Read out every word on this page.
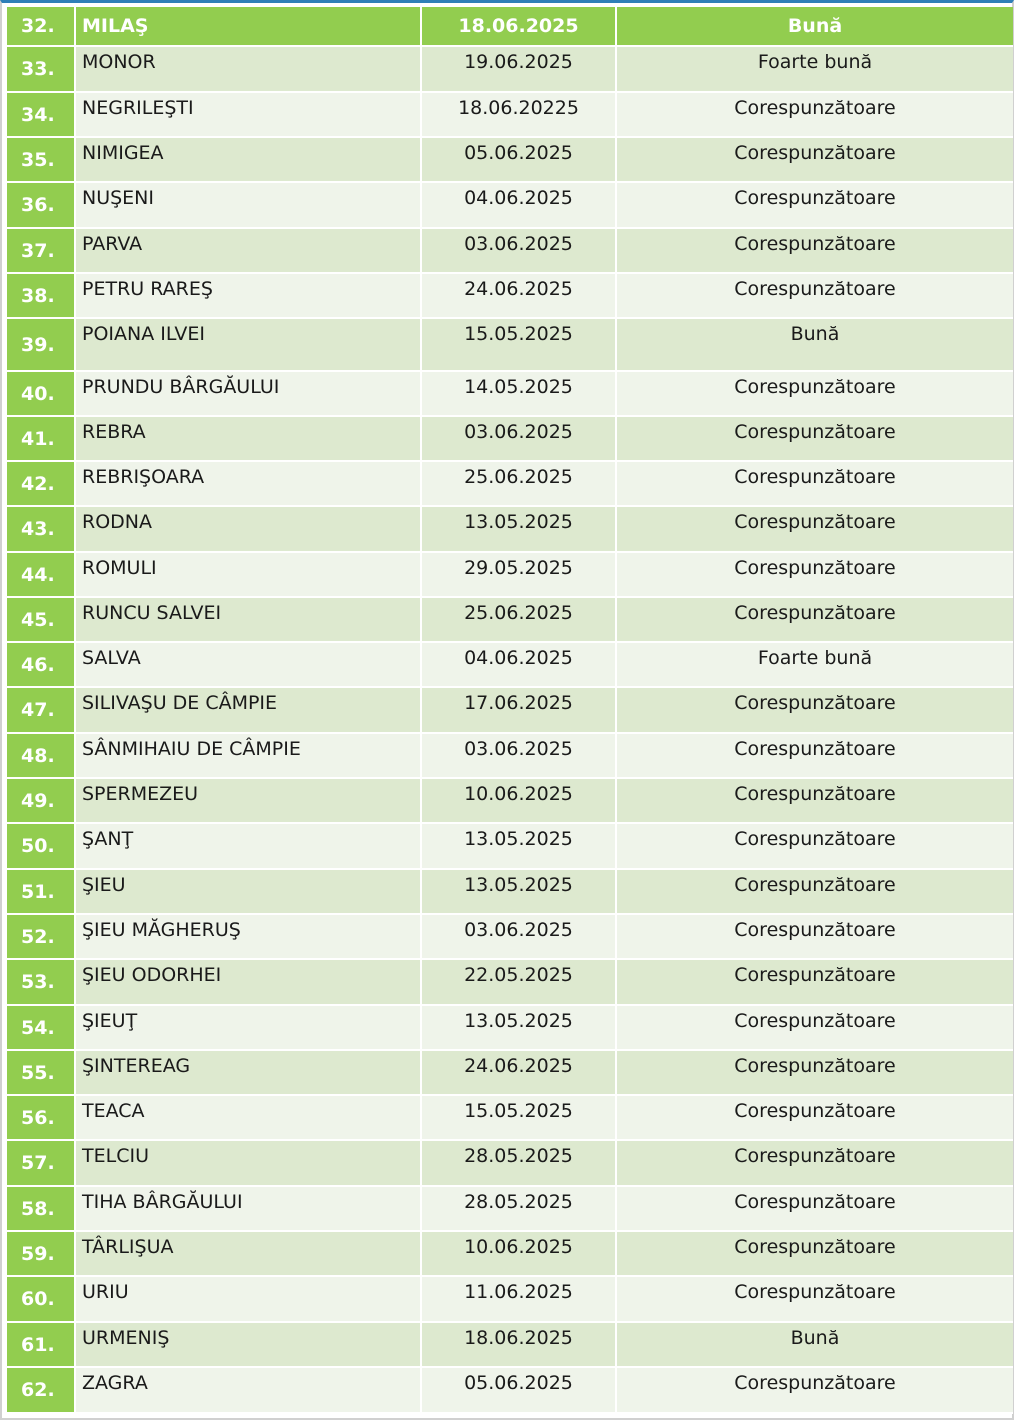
32.	MILAŞ	18.06.2025	Bună
33.	MONOR	19.06.2025	Foarte bună
34.	NEGRILEŞTI	18.06.20225	Corespunzătoare
35.	NIMIGEA	05.06.2025	Corespunzătoare
36.	NUŞENI	04.06.2025	Corespunzătoare
37.	PARVA	03.06.2025	Corespunzătoare
38.	PETRU RAREŞ	24.06.2025	Corespunzătoare
39.	POIANA ILVEI	15.05.2025	Bună
40.	PRUNDU BÂRGĂULUI	14.05.2025	Corespunzătoare
41.	REBRA	03.06.2025	Corespunzătoare
42.	REBRIŞOARA	25.06.2025	Corespunzătoare
43.	RODNA	13.05.2025	Corespunzătoare
44.	ROMULI	29.05.2025	Corespunzătoare
45.	RUNCU SALVEI	25.06.2025	Corespunzătoare
46.	SALVA	04.06.2025	Foarte bună
47.	SILIVAŞU DE CÂMPIE	17.06.2025	Corespunzătoare
48.	SÂNMIHAIU DE CÂMPIE	03.06.2025	Corespunzătoare
49.	SPERMEZEU	10.06.2025	Corespunzătoare
50.	ŞANŢ	13.05.2025	Corespunzătoare
51.	ŞIEU	13.05.2025	Corespunzătoare
52.	ŞIEU MĂGHERUŞ	03.06.2025	Corespunzătoare
53.	ŞIEU ODORHEI	22.05.2025	Corespunzătoare
54.	ŞIEUŢ	13.05.2025	Corespunzătoare
55.	ŞINTEREAG	24.06.2025	Corespunzătoare
56.	TEACA	15.05.2025	Corespunzătoare
57.	TELCIU	28.05.2025	Corespunzătoare
58.	TIHA BÂRGĂULUI	28.05.2025	Corespunzătoare
59.	TÂRLIŞUA	10.06.2025	Corespunzătoare
60.	URIU	11.06.2025	Corespunzătoare
61.	URMENIŞ	18.06.2025	Bună
62.	ZAGRA	05.06.2025	Corespunzătoare
